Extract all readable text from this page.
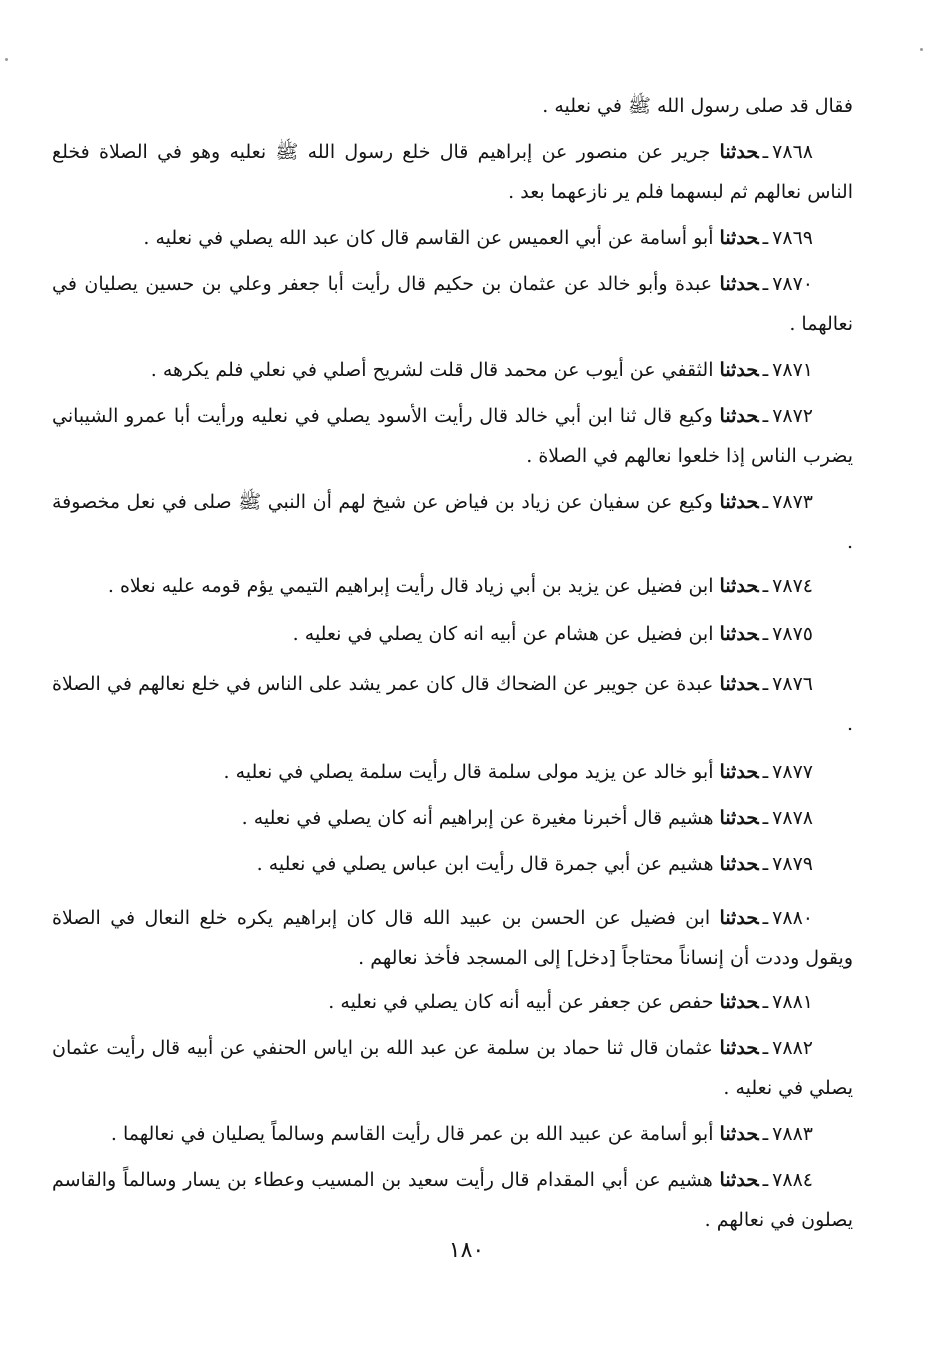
فقال قد صلى رسول الله ﷺ في نعليه .
٧٨٦٨ـحدثنا جرير عن منصور عن إبراهيم قال خلع رسول الله ﷺ نعليه وهو في الصلاة فخلع الناس نعالهم ثم لبسهما فلم ير نازعهما بعد .
٧٨٦٩ـحدثنا أبو أسامة عن أبي العميس عن القاسم قال كان عبد الله يصلي في نعليه .
٧٨٧٠ـحدثنا عبدة وأبو خالد عن عثمان بن حكيم قال رأيت أبا جعفر وعلي بن حسين يصليان في نعالهما .
٧٨٧١ـحدثنا الثقفي عن أيوب عن محمد قال قلت لشريح أصلي في نعلي فلم يكرهه .
٧٨٧٢ـحدثنا وكيع قال ثنا ابن أبي خالد قال رأيت الأسود يصلي في نعليه ورأيت أبا عمرو الشيباني يضرب الناس إذا خلعوا نعالهم في الصلاة .
٧٨٧٣ـحدثنا وكيع عن سفيان عن زياد بن فياض عن شيخ لهم أن النبي ﷺ صلى في نعل مخصوفة .
٧٨٧٤ـحدثنا ابن فضيل عن يزيد بن أبي زياد قال رأيت إبراهيم التيمي يؤم قومه عليه نعلاه .
٧٨٧٥ـحدثنا ابن فضيل عن هشام عن أبيه انه كان يصلي في نعليه .
٧٨٧٦ـحدثنا عبدة عن جويبر عن الضحاك قال كان عمر يشد على الناس في خلع نعالهم في الصلاة .
٧٨٧٧ـحدثنا أبو خالد عن يزيد مولى سلمة قال رأيت سلمة يصلي في نعليه .
٧٨٧٨ـحدثنا هشيم قال أخبرنا مغيرة عن إبراهيم أنه كان يصلي في نعليه .
٧٨٧٩ـحدثنا هشيم عن أبي جمرة قال رأيت ابن عباس يصلي في نعليه .
٧٨٨٠ـحدثنا ابن فضيل عن الحسن بن عبيد الله قال كان إبراهيم يكره خلع النعال في الصلاة ويقول وددت أن إنساناً محتاجاً [دخل] إلى المسجد فأخذ نعالهم .
٧٨٨١ـحدثنا حفص عن جعفر عن أبيه أنه كان يصلي في نعليه .
٧٨٨٢ـحدثنا عثمان قال ثنا حماد بن سلمة عن عبد الله بن اياس الحنفي عن أبيه قال رأيت عثمان يصلي في نعليه .
٧٨٨٣ـحدثنا أبو أسامة عن عبيد الله بن عمر قال رأيت القاسم وسالماً يصليان في نعالهما .
٧٨٨٤ـحدثنا هشيم عن أبي المقدام قال رأيت سعيد بن المسيب وعطاء بن يسار وسالماً والقاسم يصلون في نعالهم .
١٨٠
